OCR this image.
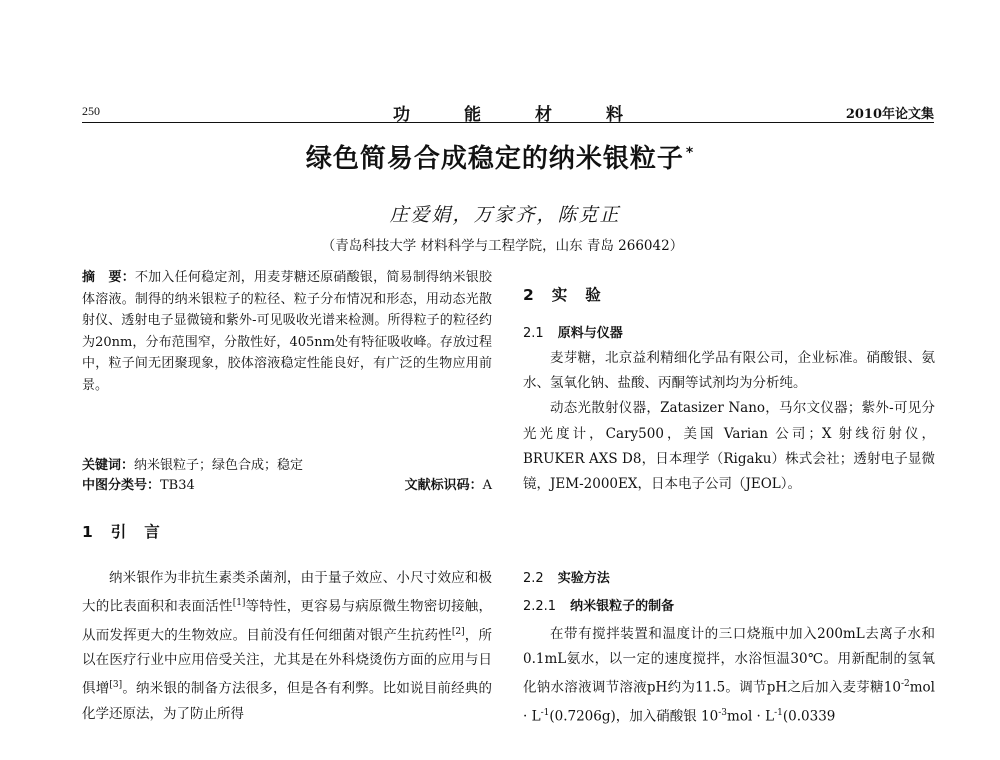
250	功能材料	2010年论文集
绿色简易合成稳定的纳米银粒子 *
庄爱娟，万家齐，陈克正
（青岛科技大学 材料科学与工程学院，山东 青岛 266042）

摘　要：不加入任何稳定剂，用麦芽糖还原硝酸银，简易制得纳米银胶体溶液。制得的纳米银粒子的粒径、粒子分布情况和形态，用动态光散射仪、透射电子显微镜和紫外-可见吸收光谱来检测。所得粒子的粒径约为20nm，分布范围窄，分散性好，405nm处有特征吸收峰。存放过程中，粒子间无团聚现象，胶体溶液稳定性能良好，有广泛的生物应用前景。

关键词：纳米银粒子；绿色合成；稳定

中图分类号：TB34	文献标识码：A
1 引言

纳米银作为非抗生素类杀菌剂，由于量子效应、小尺寸效应和极大的比表面积和表面活性[1]等特性，更容易与病原微生物密切接触，从而发挥更大的生物效应。目前没有任何细菌对银产生抗药性[2]，所以在医疗行业中应用倍受关注，尤其是在外科烧烫伤方面的应用与日俱增[3]。纳米银的制备方法很多，但是各有利弊。比如说目前经典的化学还原法，为了防止所得

2 实验
2.1 原料与仪器

麦芽糖，北京益利精细化学品有限公司，企业标准。硝酸银、氨水、氢氧化钠、盐酸、丙酮等试剂均为分析纯。

动态光散射仪器，Zatasizer Nano，马尔文仪器；紫外-可见分光光度计，Cary500，美国 Varian 公司；X 射线衍射仪，BRUKER AXS D8，日本理学（Rigaku）株式会社；透射电子显微镜，JEM-2000EX，日本电子公司（JEOL）。

2.2 实验方法
2.2.1 纳米银粒子的制备

在带有搅拌装置和温度计的三口烧瓶中加入200mL去离子水和0.1mL氨水，以一定的速度搅拌，水浴恒温30℃。用新配制的氢氧化钠水溶液调节溶液pH约为11.5。调节pH之后加入麦芽糖$10^{-2}mol \cdot L^{-1}(0.7206g)$，加入硝酸银 $10^{-3}mol \cdot L^{-1}(0.0339$
